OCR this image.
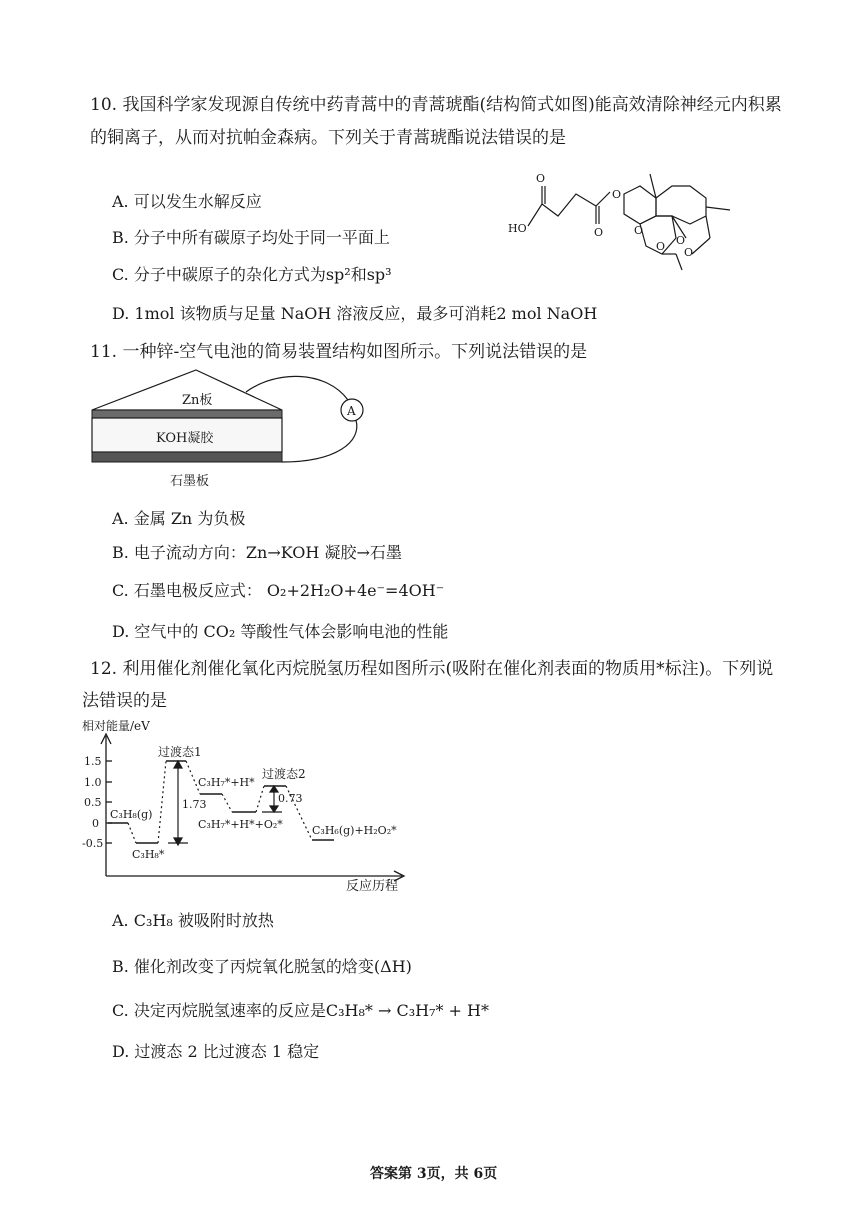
10. 我国科学家发现源自传统中药青蒿中的青蒿琥酯(结构简式如图)能高效清除神经元内积累
的铜离子，从而对抗帕金森病。下列关于青蒿琥酯说法错误的是
A. 可以发生水解反应
B. 分子中所有碳原子均处于同一平面上
C. 分子中碳原子的杂化方式为sp²和sp³
D. 1mol 该物质与足量 NaOH 溶液反应，最多可消耗2 mol NaOH
HO
O
O
O
O
O O
O
11. 一种锌-空气电池的简易装置结构如图所示。下列说法错误的是
A
Zn板
KOH凝胶
石墨板
A. 金属 Zn 为负极
B. 电子流动方向：Zn→KOH 凝胶→石墨
C. 石墨电极反应式： O₂+2H₂O+4e⁻=4OH⁻
D. 空气中的 CO₂ 等酸性气体会影响电池的性能
12. 利用催化剂催化氧化丙烷脱氢历程如图所示(吸附在催化剂表面的物质用*标注)。下列说
法错误的是
相对能量/eV
反应历程
1.5
1.0
0.5
0
-0.5
过渡态1
过渡态2
C₃H₈(g)
C₃H₈*
C₃H₇*+H*
C₃H₇*+H*+O₂*	C₃H₆(g)+H₂O₂*
1.73	0.73
A. C₃H₈ 被吸附时放热
B. 催化剂改变了丙烷氧化脱氢的焓变(ΔH)
C. 决定丙烷脱氢速率的反应是C₃H₈* → C₃H₇* + H*
D. 过渡态 2 比过渡态 1 稳定
答案第 3页，共 6页
